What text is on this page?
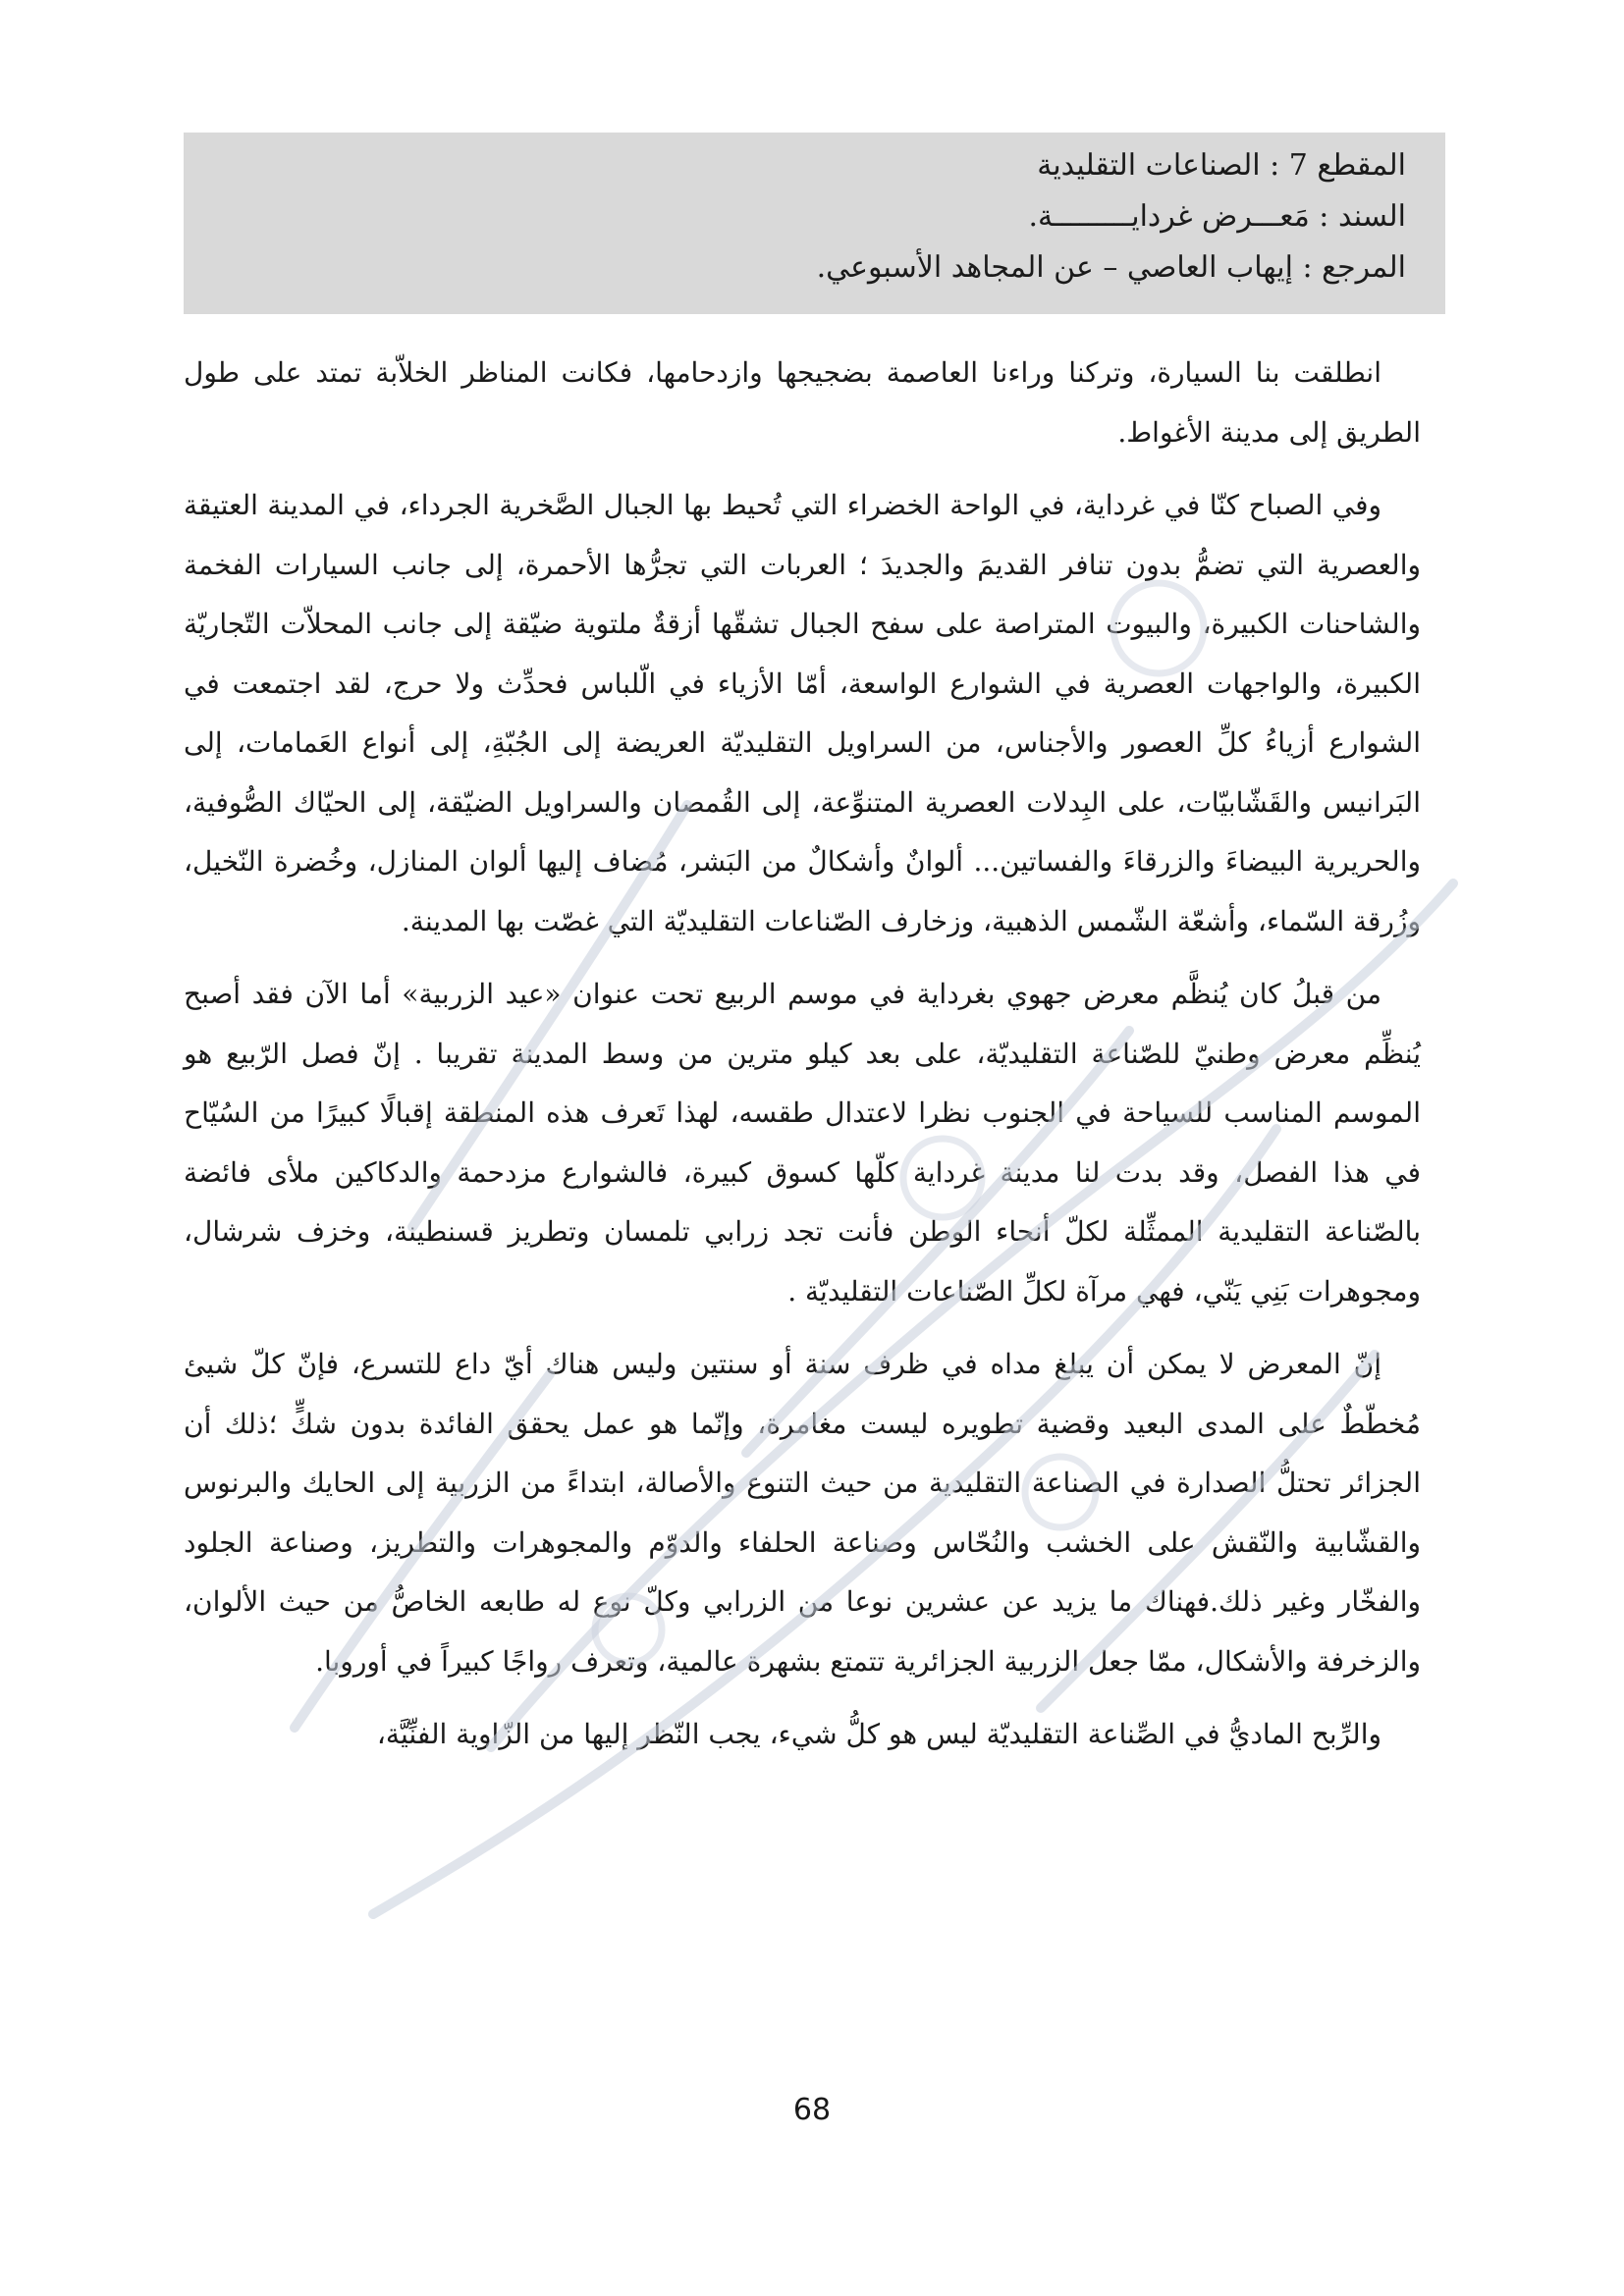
المقطع 7 : الصناعات التقليدية
السند : مَعـــرض غردايـــــــــة.
المرجع : إيهاب العاصي – عن المجاهد الأسبوعي.

انطلقت بنا السيارة، وتركنا وراءنا العاصمة بضجيجها وازدحامها، فكانت المناظر الخلاّبة تمتد على طول الطريق إلى مدينة الأغواط.

وفي الصباح كنّا في غرداية، في الواحة الخضراء التي تُحيط بها الجبال الصَّخرية الجرداء، في المدينة العتيقة والعصرية التي تضمُّ بدون تنافر القديمَ والجديدَ ؛ العربات التي تجرُّها الأحمرة، إلى جانب السيارات الفخمة والشاحنات الكبيرة، والبيوت المتراصة على سفح الجبال تشقّها أزقةٌ ملتوية ضيّقة إلى جانب المحلاّت التّجاريّة الكبيرة، والواجهات العصرية في الشوارع الواسعة، أمّا الأزياء في الّلباس فحدِّث ولا حرج، لقد اجتمعت في الشوارع أزياءُ كلِّ العصور والأجناس، من السراويل التقليديّة العريضة إلى الجُبّةِ، إلى أنواع العَمامات، إلى البَرانيس والقَشّابيّات، على البِدلات العصرية المتنوِّعة، إلى القُمصان والسراويل الضيّقة، إلى الحيّاك الصُّوفية، والحريرية البيضاءَ والزرقاءَ والفساتين... ألوانٌ وأشكالٌ من البَشر، مُضاف إليها ألوان المنازل، وخُضرة النّخيل، وزُرقة السّماء، وأشعّة الشّمس الذهبية، وزخارف الصّناعات التقليديّة التي غصّت بها المدينة.

من قبلُ كان يُنظَّم معرض جهوي بغرداية في موسم الربيع تحت عنوان «عيد الزربية» أما الآن فقد أصبح يُنظِّم معرض وطنيّ للصّناعة التقليديّة، على بعد كيلو مترين من وسط المدينة تقريبا . إنّ فصل الرّبيع هو الموسم المناسب للسياحة في الجنوب نظرا لاعتدال طقسه، لهذا تَعرف هذه المنطقة إقبالًا كبيرًا من السُيّاح في هذا الفصل، وقد بدت لنا مدينة غرداية كلّها كسوق كبيرة، فالشوارع مزدحمة والدكاكين ملأى فائضة بالصّناعة التقليدية الممثِّلة لكلّ أنحاء الوطن فأنت تجد زرابي تلمسان وتطريز قسنطينة، وخزف شرشال، ومجوهرات بَنِي يَنّي، فهي مرآة لكلِّ الصّناعات التقليديّة .

إنّ المعرض لا يمكن أن يبلغ مداه في ظرف سنة أو سنتين وليس هناك أيّ داع للتسرع، فإنّ كلّ شيئ مُخطّطٌ على المدى البعيد وقضية تطويره ليست مغامرة، وإنّما هو عمل يحقق الفائدة بدون شكٍّ ؛ذلك أن الجزائر تحتلُّ الصدارة في الصناعة التقليدية من حيث التنوع والأصالة، ابتداءً من الزربية إلى الحايك والبرنوس والقشّابية والنّقش على الخشب والنُحّاس وصناعة الحلفاء والدوّم والمجوهرات والتطريز، وصناعة الجلود والفخّار وغير ذلك.فهناك ما يزيد عن عشرين نوعا من الزرابي وكلّ نوع له طابعه الخاصُّ من حيث الألوان، والزخرفة والأشكال، ممّا جعل الزربية الجزائرية تتمتع بشهرة عالمية، وتعرف رواجًا كبيراً في أوروبا.

والرِّبح الماديُّ في الصِّناعة التقليديّة ليس هو كلُّ شيء، يجب النّظر إليها من الزّاوية الفنِّيَّة،

68
